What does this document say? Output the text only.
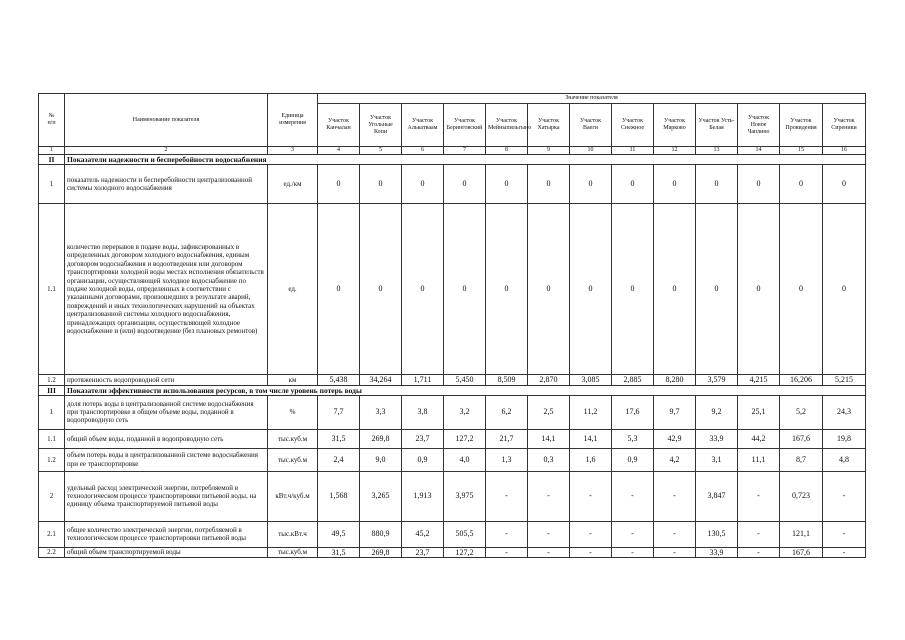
№
п/п	Наименование показателя	Единица измерения	Значение показателя												
			Участок Канчалан	Участок Угольные Копи	Участок Алькатваам	Участок Беринговский	Участок Мейныпильгыно	Участок Хатырка	Участок Ваеги	Участок Снежное	Участок Марково	Участок Усть-Белая	Участок Новое Чаплино	Участок Провидения	Участок Сиреники
1	2	3	4	5	6	7	8	9	10	11	12	13	14	15	16
II	Показатели надежности и бесперебойности водоснабжения														
1	показатель надежности и бесперебойности централизованной системы холодного водоснабжения	ед./км	0	0	0	0	0	0	0	0	0	0	0	0	0
1.1	количество перерывов в подаче воды, зафиксированных в определенных договором холодного водоснабжения, единым договором водоснабжения и водоотведения или договором транспортировки холодной воды местах исполнения обязательств организации, осуществляющей холодное водоснабжение по подаче холодной воды, определенных в соответствии с указанными договорами, произошедших в результате аварий, повреждений и иных технологических нарушений на объектах централизованной системы холодного водоснабжения, принадлежащих организации, осуществляющей холодное водоснабжение и (или) водоотведение (без плановых ремонтов)	ед.	0	0	0	0	0	0	0	0	0	0	0	0	0
1.2	протяженность водопроводной сети	км	5,438	34,264	1,711	5,450	8,509	2,870	3,085	2,885	8,280	3,579	4,215	16,206	5,215
III	Показатели эффективности использования ресурсов, в том числе уровень потерь воды														
1	доля потерь воды в централизованной системе водоснабжения при транспортировке в общем объеме воды, поданной в водопроводную сеть	%	7,7	3,3	3,8	3,2	6,2	2,5	11,2	17,6	9,7	9,2	25,1	5,2	24,3
1.1	общий объем воды, поданной в водопроводную сеть	тыс.куб.м	31,5	269,8	23,7	127,2	21,7	14,1	14,1	5,3	42,9	33,9	44,2	167,6	19,8
1.2	объем потерь воды в централизованной системе водоснабжения при ее транспортировке	тыс.куб.м	2,4	9,0	0,9	4,0	1,3	0,3	1,6	0,9	4,2	3,1	11,1	8,7	4,8
2	удельный расход электрической энергии, потребляемой в технологическом процессе транспортировки питьевой воды, на единицу объема транспортируемой питьевой воды	кВт.ч/куб.м	1,568	3,265	1,913	3,975	-	-	-	-	-	3,847	-	0,723	-
2.1	общее количество электрической энергии, потребляемой в технологическом процессе транспортировки питьевой воды	тыс.кВт.ч	49,5	880,9	45,2	505,5	-	-	-	-	-	130,5	-	121,1	-
2.2	общий объем транспортируемой воды	тыс.куб.м	31,5	269,8	23,7	127,2	-	-	-	-	-	33,9	-	167,6	-
